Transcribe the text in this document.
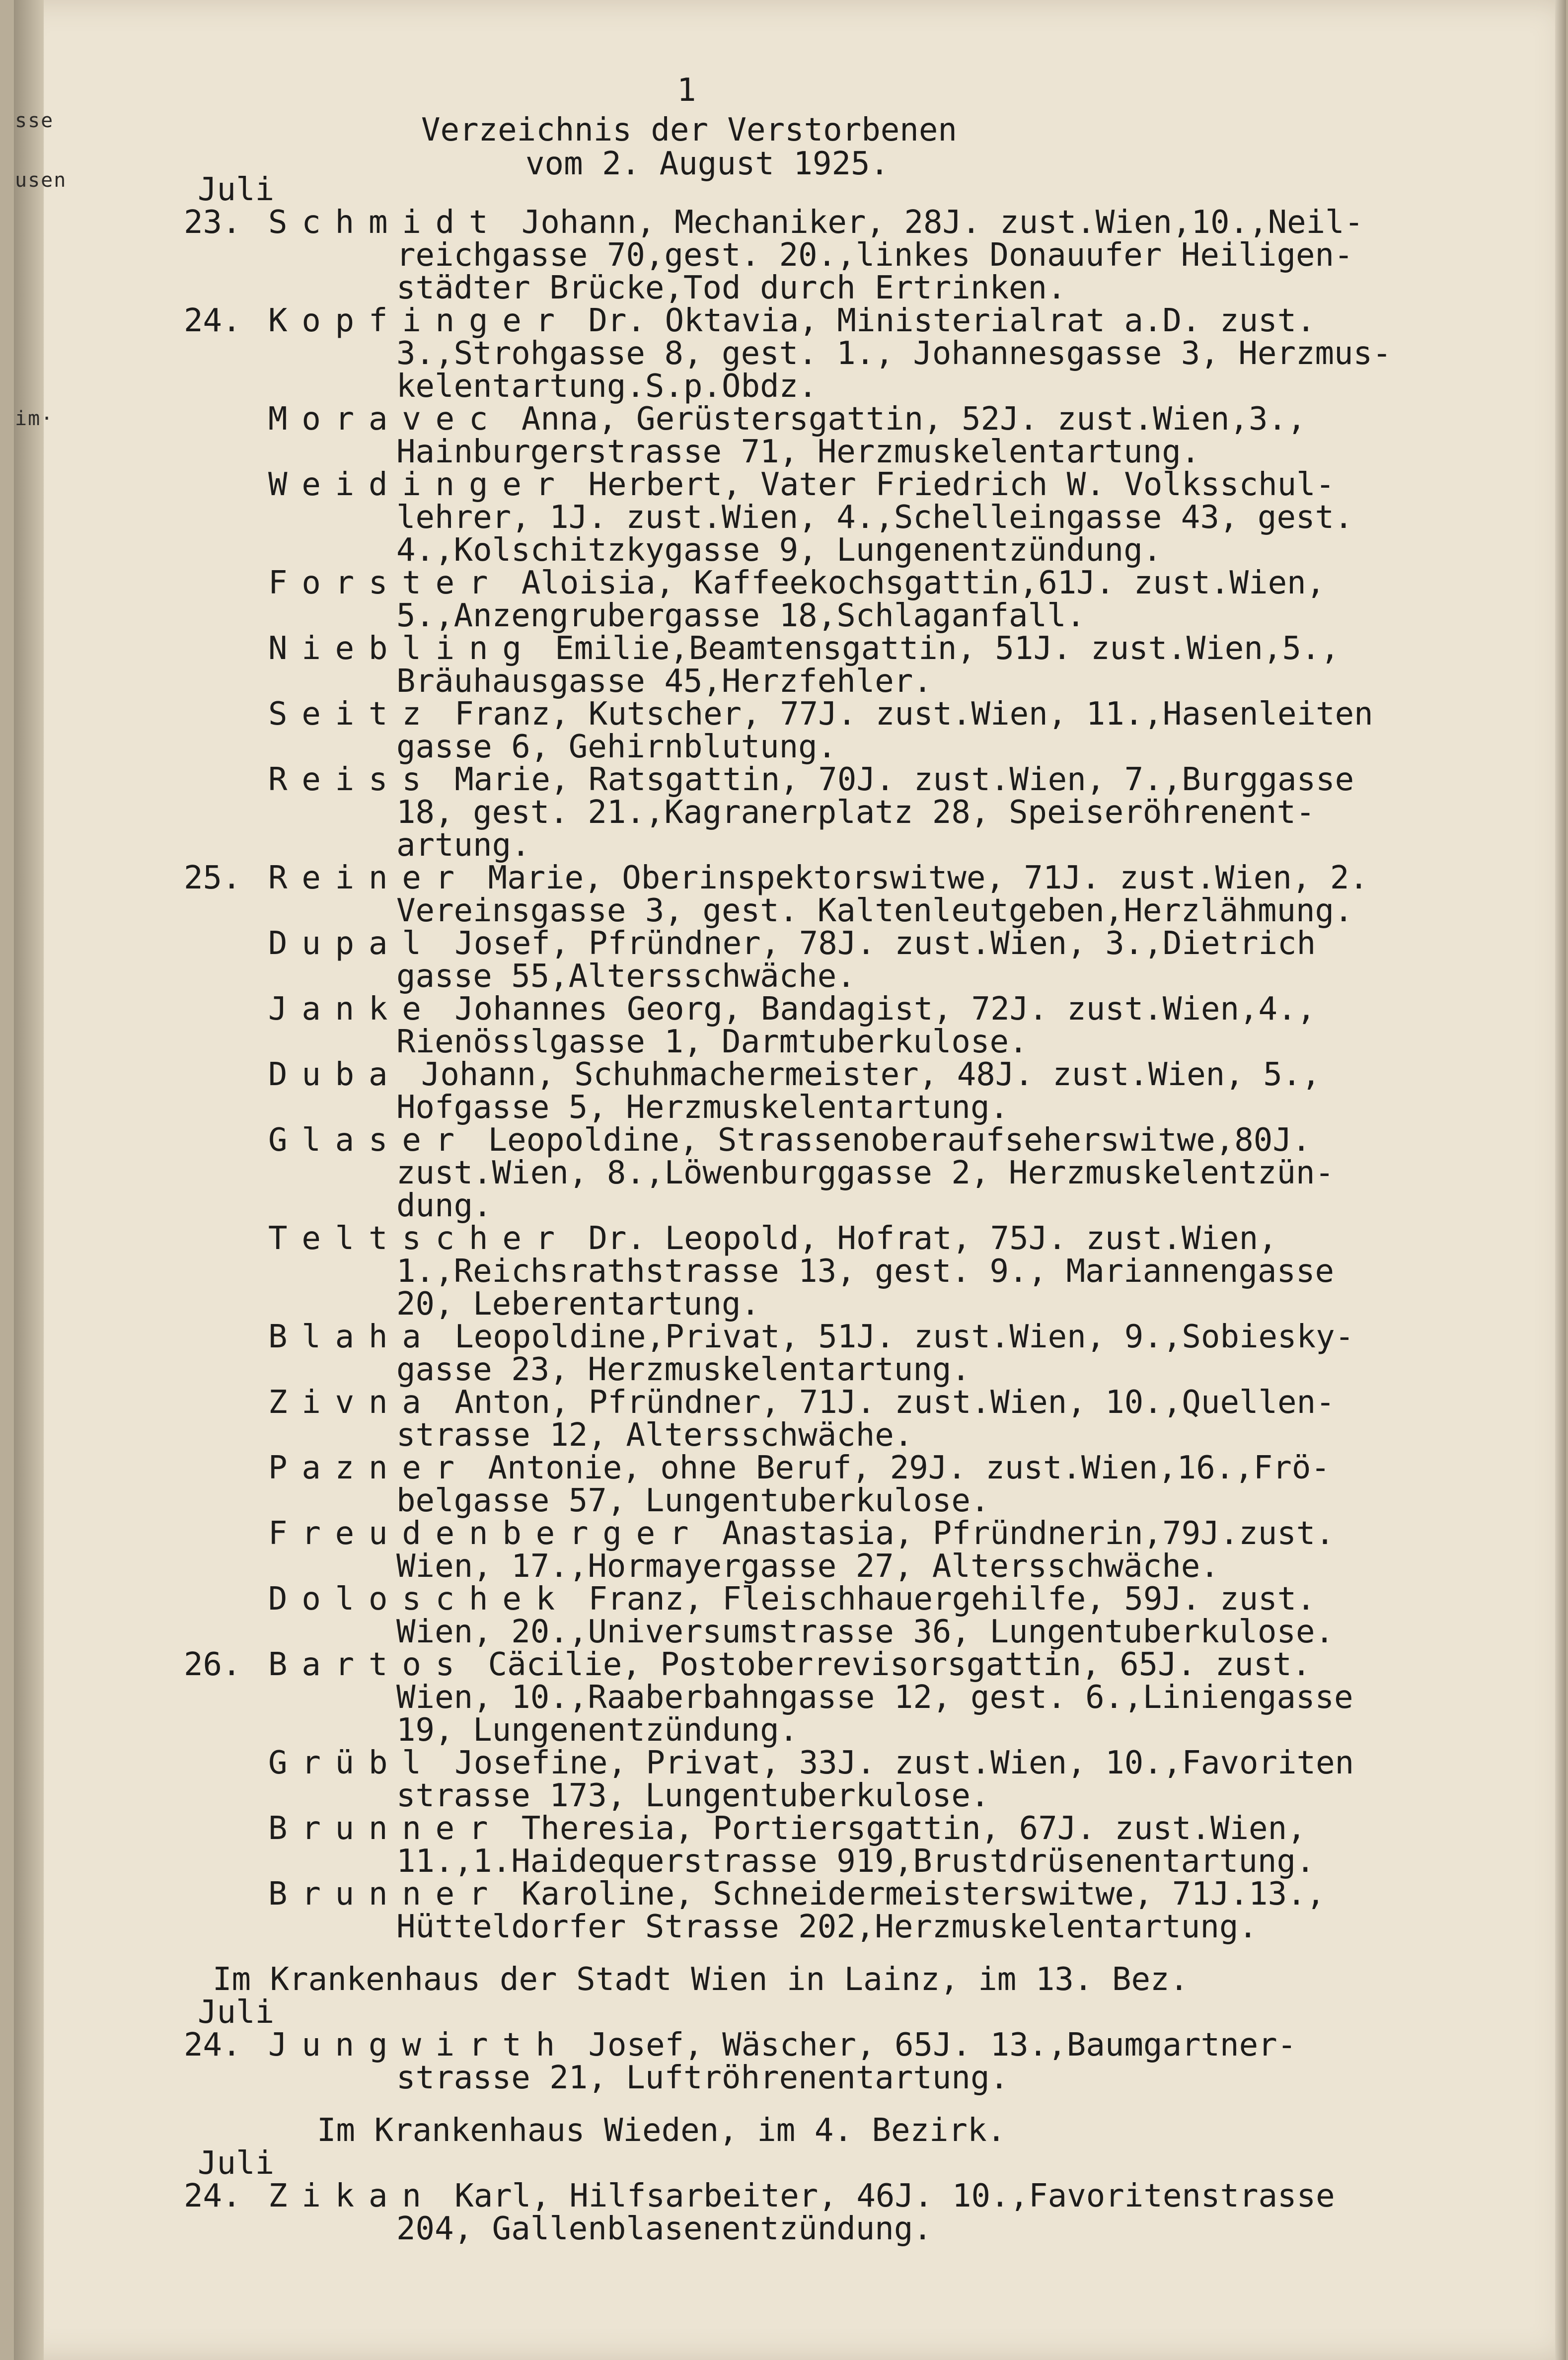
sse
usen
im·

1

Verzeichnis der Verstorbenen

vom 2. August 1925.

Juli

23. Schmidt Johann, Mechaniker, 28J. zust.Wien,10.,Neil-

reichgasse 70,gest. 20.,linkes Donauufer Heiligen-

städter Brücke,Tod durch Ertrinken.

24. Kopfinger Dr. Oktavia, Ministerialrat a.D. zust.

3.,Strohgasse 8, gest. 1., Johannesgasse 3, Herzmus-

kelentartung.S.p.Obdz.

Moravec Anna, Gerüstersgattin, 52J. zust.Wien,3.,

Hainburgerstrasse 71, Herzmuskelentartung.

Weidinger Herbert, Vater Friedrich W. Volksschul-

lehrer, 1J. zust.Wien, 4.,Schelleingasse 43, gest.

4.,Kolschitzkygasse 9, Lungenentzündung.

Forster Aloisia, Kaffeekochsgattin,61J. zust.Wien,

5.,Anzengrubergasse 18,Schlaganfall.

Niebling Emilie,Beamtensgattin, 51J. zust.Wien,5.,

Bräuhausgasse 45,Herzfehler.

Seitz Franz, Kutscher, 77J. zust.Wien, 11.,Hasenleiten

gasse 6, Gehirnblutung.

Reiss Marie, Ratsgattin, 70J. zust.Wien, 7.,Burggasse

18, gest. 21.,Kagranerplatz 28, Speiseröhrenent-

artung.

25. Reiner Marie, Oberinspektorswitwe, 71J. zust.Wien, 2.

Vereinsgasse 3, gest. Kaltenleutgeben,Herzlähmung.

Dupal Josef, Pfründner, 78J. zust.Wien, 3.,Dietrich

gasse 55,Altersschwäche.

Janke Johannes Georg, Bandagist, 72J. zust.Wien,4.,

Rienösslgasse 1, Darmtuberkulose.

Duba Johann, Schuhmachermeister, 48J. zust.Wien, 5.,

Hofgasse 5, Herzmuskelentartung.

Glaser Leopoldine, Strassenoberaufseherswitwe,80J.

zust.Wien, 8.,Löwenburggasse 2, Herzmuskelentzün-

dung.

Teltscher Dr. Leopold, Hofrat, 75J. zust.Wien,

1.,Reichsrathstrasse 13, gest. 9., Mariannengasse

20, Leberentartung.

Blaha Leopoldine,Privat, 51J. zust.Wien, 9.,Sobiesky-

gasse 23, Herzmuskelentartung.

Zivna Anton, Pfründner, 71J. zust.Wien, 10.,Quellen-

strasse 12, Altersschwäche.

Pazner Antonie, ohne Beruf, 29J. zust.Wien,16.,Frö-

belgasse 57, Lungentuberkulose.

Freudenberger Anastasia, Pfründnerin,79J.zust.

Wien, 17.,Hormayergasse 27, Altersschwäche.

Doloschek Franz, Fleischhauergehilfe, 59J. zust.

Wien, 20.,Universumstrasse 36, Lungentuberkulose.

26. Bartos Cäcilie, Postoberrevisorsgattin, 65J. zust.

Wien, 10.,Raaberbahngasse 12, gest. 6.,Liniengasse

19, Lungenentzündung.

Grübl Josefine, Privat, 33J. zust.Wien, 10.,Favoriten

strasse 173, Lungentuberkulose.

Brunner Theresia, Portiersgattin, 67J. zust.Wien,

11.,1.Haidequerstrasse 919,Brustdrüsenentartung.

Brunner Karoline, Schneidermeisterswitwe, 71J.13.,

Hütteldorfer Strasse 202,Herzmuskelentartung.

Im Krankenhaus der Stadt Wien in Lainz, im 13. Bez.

Juli

24. Jungwirth Josef, Wäscher, 65J. 13.,Baumgartner-

strasse 21, Luftröhrenentartung.

Im Krankenhaus Wieden, im 4. Bezirk.

Juli

24. Zikan Karl, Hilfsarbeiter, 46J. 10.,Favoritenstrasse

204, Gallenblasenentzündung.
